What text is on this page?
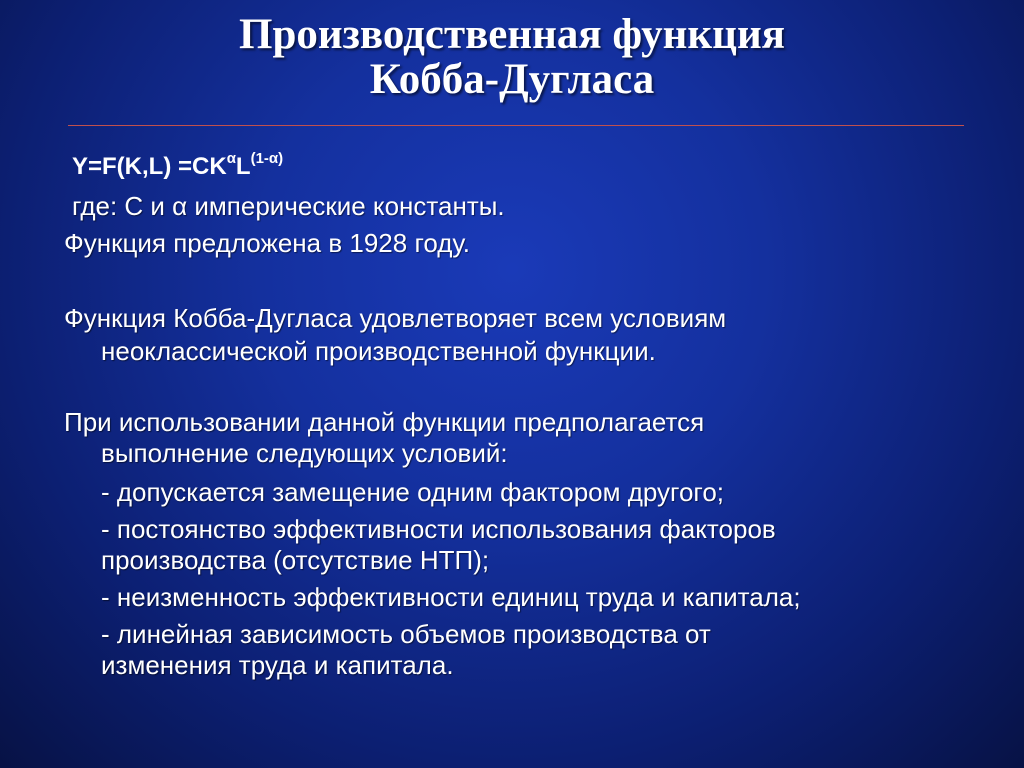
Производственная функция
Кобба-Дугласа
$Y=F(K,L) =CK^\alpha L^{(1-\alpha)}$
где: С и α имперические константы.
Функция предложена в 1928 году.
Функция Кобба-Дугласа удовлетворяет всем условиям
неоклассической производственной функции.
При использовании данной функции предполагается
выполнение следующих условий:
- допускается замещение одним фактором другого;
- постоянство эффективности использования факторов
производства (отсутствие НТП);
- неизменность эффективности единиц труда и капитала;
- линейная зависимость объемов производства от
изменения труда и капитала.
